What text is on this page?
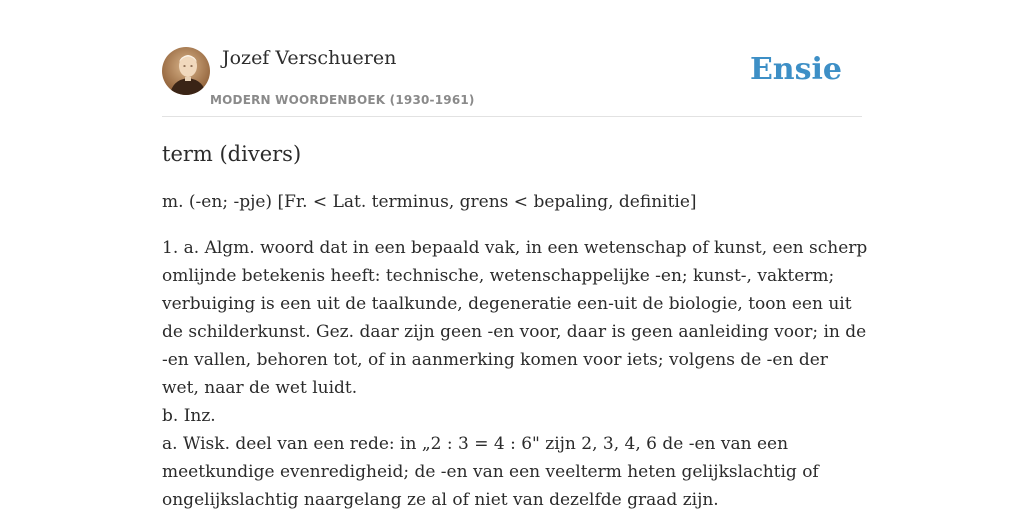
Jozef Verschueren
MODERN WOORDENBOEK (1930-1961)
Ensie
term (divers)

m. (-en; -pje) [Fr. < Lat. terminus, grens < bepaling, definitie]

1. a. Algm. woord dat in een bepaald vak, in een wetenschap of kunst, een scherp
omlijnde betekenis heeft: technische, wetenschappelijke -en; kunst-, vakterm;
verbuiging is een uit de taalkunde, degeneratie een-uit de biologie, toon een uit
de schilderkunst. Gez. daar zijn geen -en voor, daar is geen aanleiding voor; in de
-en vallen, behoren tot, of in aanmerking komen voor iets; volgens de -en der
wet, naar de wet luidt.
b. Inz.
a. Wisk. deel van een rede: in „2 : 3 = 4 : 6" zijn 2, 3, 4, 6 de -en van een
meetkundige evenredigheid; de -en van een veelterm heten gelijkslachtig of
ongelijkslachtig naargelang ze al of niet van dezelfde graad zijn.
